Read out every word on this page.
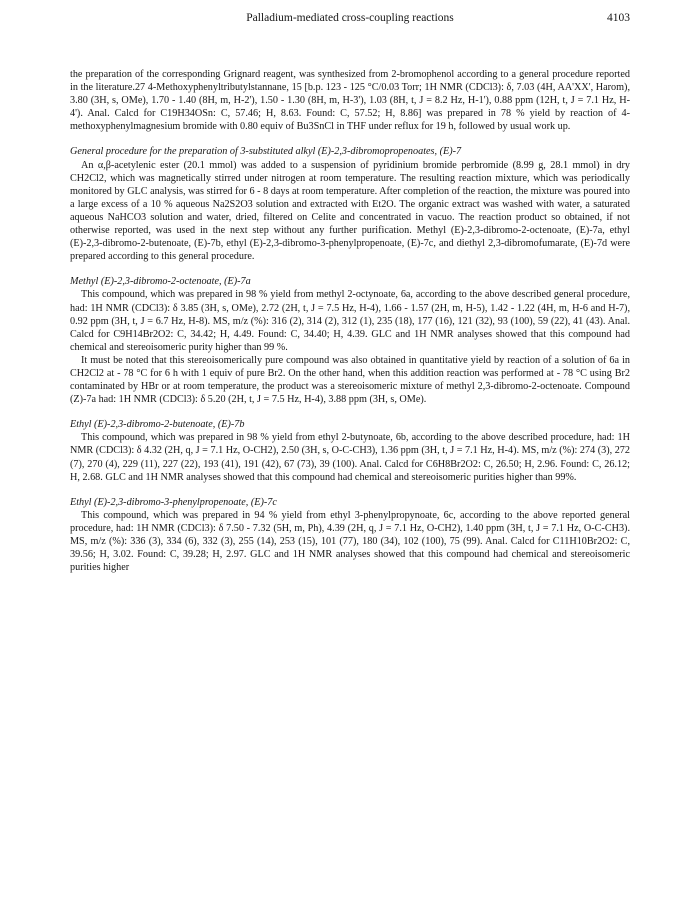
Palladium-mediated cross-coupling reactions	4103

the preparation of the corresponding Grignard reagent, was synthesized from 2-bromophenol according to a general procedure reported in the literature.27 4-Methoxyphenyltributylstannane, 15 [b.p. 123 - 125 °C/0.03 Torr; 1H NMR (CDCl3): δ, 7.03 (4H, AA'XX', Harom), 3.80 (3H, s, OMe), 1.70 - 1.40 (8H, m, H-2'), 1.50 - 1.30 (8H, m, H-3'), 1.03 (8H, t, J = 8.2 Hz, H-1'), 0.88 ppm (12H, t, J = 7.1 Hz, H-4'). Anal. Calcd for C19H34OSn: C, 57.46; H, 8.63. Found: C, 57.52; H, 8.86] was prepared in 78 % yield by reaction of 4-methoxyphenylmagnesium bromide with 0.80 equiv of Bu3SnCl in THF under reflux for 19 h, followed by usual work up.

General procedure for the preparation of 3-substituted alkyl (E)-2,3-dibromopropenoates, (E)-7

An α,β-acetylenic ester (20.1 mmol) was added to a suspension of pyridinium bromide perbromide (8.99 g, 28.1 mmol) in dry CH2Cl2, which was magnetically stirred under nitrogen at room temperature. The resulting reaction mixture, which was periodically monitored by GLC analysis, was stirred for 6 - 8 days at room temperature. After completion of the reaction, the mixture was poured into a large excess of a 10 % aqueous Na2S2O3 solution and extracted with Et2O. The organic extract was washed with water, a saturated aqueous NaHCO3 solution and water, dried, filtered on Celite and concentrated in vacuo. The reaction product so obtained, if not otherwise reported, was used in the next step without any further purification. Methyl (E)-2,3-dibromo-2-octenoate, (E)-7a, ethyl (E)-2,3-dibromo-2-butenoate, (E)-7b, ethyl (E)-2,3-dibromo-3-phenylpropenoate, (E)-7c, and diethyl 2,3-dibromofumarate, (E)-7d were prepared according to this general procedure.

Methyl (E)-2,3-dibromo-2-octenoate, (E)-7a

This compound, which was prepared in 98 % yield from methyl 2-octynoate, 6a, according to the above described general procedure, had: 1H NMR (CDCl3): δ 3.85 (3H, s, OMe), 2.72 (2H, t, J = 7.5 Hz, H-4), 1.66 - 1.57 (2H, m, H-5), 1.42 - 1.22 (4H, m, H-6 and H-7), 0.92 ppm (3H, t, J = 6.7 Hz, H-8). MS, m/z (%): 316 (2), 314 (2), 312 (1), 235 (18), 177 (16), 121 (32), 93 (100), 59 (22), 41 (43). Anal. Calcd for C9H14Br2O2: C, 34.42; H, 4.49. Found: C, 34.40; H, 4.39. GLC and 1H NMR analyses showed that this compound had chemical and stereoisomeric purity higher than 99 %.

It must be noted that this stereoisomerically pure compound was also obtained in quantitative yield by reaction of a solution of 6a in CH2Cl2 at - 78 °C for 6 h with 1 equiv of pure Br2. On the other hand, when this addition reaction was performed at - 78 °C using Br2 contaminated by HBr or at room temperature, the product was a stereoisomeric mixture of methyl 2,3-dibromo-2-octenoate. Compound (Z)-7a had: 1H NMR (CDCl3): δ 5.20 (2H, t, J = 7.5 Hz, H-4), 3.88 ppm (3H, s, OMe).

Ethyl (E)-2,3-dibromo-2-butenoate, (E)-7b

This compound, which was prepared in 98 % yield from ethyl 2-butynoate, 6b, according to the above described procedure, had: 1H NMR (CDCl3): δ 4.32 (2H, q, J = 7.1 Hz, O-CH2), 2.50 (3H, s, O-C-CH3), 1.36 ppm (3H, t, J = 7.1 Hz, H-4). MS, m/z (%): 274 (3), 272 (7), 270 (4), 229 (11), 227 (22), 193 (41), 191 (42), 67 (73), 39 (100). Anal. Calcd for C6H8Br2O2: C, 26.50; H, 2.96. Found: C, 26.12; H, 2.68. GLC and 1H NMR analyses showed that this compound had chemical and stereoisomeric purities higher than 99%.

Ethyl (E)-2,3-dibromo-3-phenylpropenoate, (E)-7c

This compound, which was prepared in 94 % yield from ethyl 3-phenylpropynoate, 6c, according to the above reported general procedure, had: 1H NMR (CDCl3): δ 7.50 - 7.32 (5H, m, Ph), 4.39 (2H, q, J = 7.1 Hz, O-CH2), 1.40 ppm (3H, t, J = 7.1 Hz, O-C-CH3). MS, m/z (%): 336 (3), 334 (6), 332 (3), 255 (14), 253 (15), 101 (77), 180 (34), 102 (100), 75 (99). Anal. Calcd for C11H10Br2O2: C, 39.56; H, 3.02. Found: C, 39.28; H, 2.97. GLC and 1H NMR analyses showed that this compound had chemical and stereoisomeric purities higher
